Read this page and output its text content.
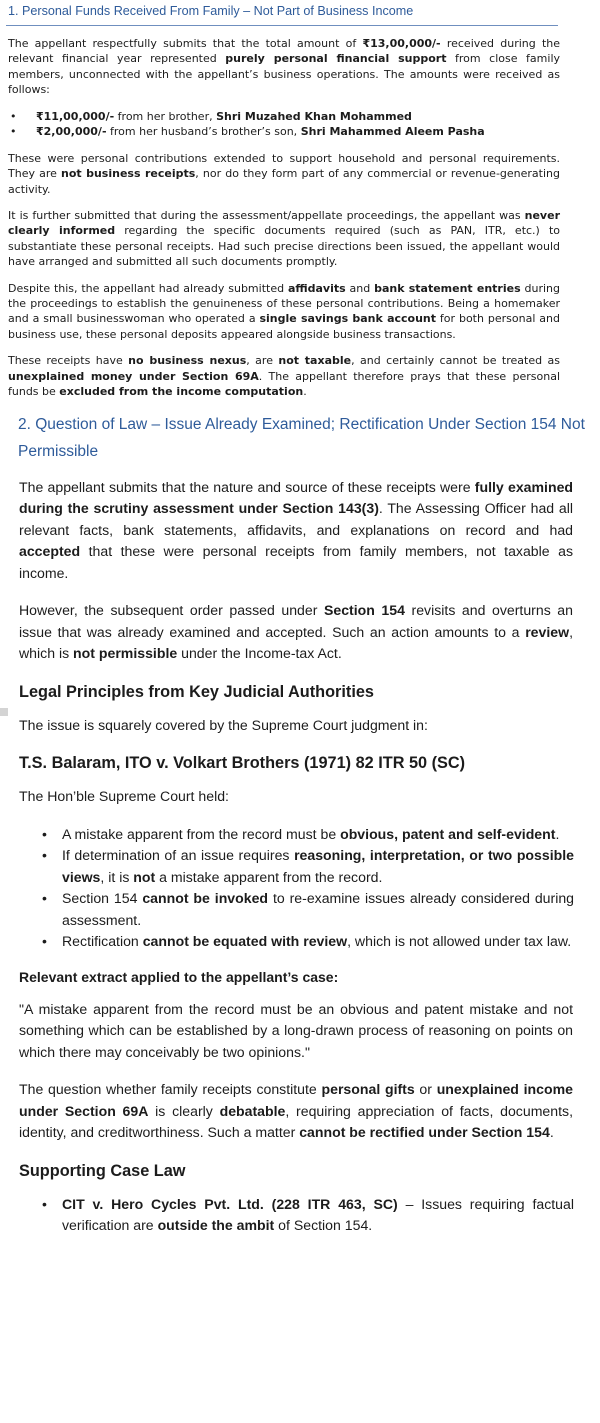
1. Personal Funds Received From Family – Not Part of Business Income

The appellant respectfully submits that the total amount of ₹13,00,000/- received during the relevant financial year represented purely personal financial support from close family members, unconnected with the appellant’s business operations. The amounts were received as follows:

• ₹11,00,000/- from her brother, Shri Muzahed Khan Mohammed
• ₹2,00,000/- from her husband’s brother’s son, Shri Mahammed Aleem Pasha

These were personal contributions extended to support household and personal requirements. They are not business receipts, nor do they form part of any commercial or revenue-generating activity.

It is further submitted that during the assessment/appellate proceedings, the appellant was never clearly informed regarding the specific documents required (such as PAN, ITR, etc.) to substantiate these personal receipts. Had such precise directions been issued, the appellant would have arranged and submitted all such documents promptly.

Despite this, the appellant had already submitted affidavits and bank statement entries during the proceedings to establish the genuineness of these personal contributions. Being a homemaker and a small businesswoman who operated a single savings bank account for both personal and business use, these personal deposits appeared alongside business transactions.

These receipts have no business nexus, are not taxable, and certainly cannot be treated as unexplained money under Section 69A. The appellant therefore prays that these personal funds be excluded from the income computation.

2. Question of Law – Issue Already Examined; Rectification Under Section 154 Not Permissible

The appellant submits that the nature and source of these receipts were fully examined during the scrutiny assessment under Section 143(3). The Assessing Officer had all relevant facts, bank statements, affidavits, and explanations on record and had accepted that these were personal receipts from family members, not taxable as income.

However, the subsequent order passed under Section 154 revisits and overturns an issue that was already examined and accepted. Such an action amounts to a review, which is not permissible under the Income-tax Act.

Legal Principles from Key Judicial Authorities

The issue is squarely covered by the Supreme Court judgment in:

T.S. Balaram, ITO v. Volkart Brothers (1971) 82 ITR 50 (SC)

The Hon’ble Supreme Court held:

• A mistake apparent from the record must be obvious, patent and self-evident.
• If determination of an issue requires reasoning, interpretation, or two possible views, it is not a mistake apparent from the record.
• Section 154 cannot be invoked to re-examine issues already considered during assessment.
• Rectification cannot be equated with review, which is not allowed under tax law.
Relevant extract applied to the appellant’s case:

"A mistake apparent from the record must be an obvious and patent mistake and not something which can be established by a long-drawn process of reasoning on points on which there may conceivably be two opinions."

The question whether family receipts constitute personal gifts or unexplained income under Section 69A is clearly debatable, requiring appreciation of facts, documents, identity, and creditworthiness. Such a matter cannot be rectified under Section 154.

Supporting Case Law
• CIT v. Hero Cycles Pvt. Ltd. (228 ITR 463, SC) – Issues requiring factual verification are outside the ambit of Section 154.
